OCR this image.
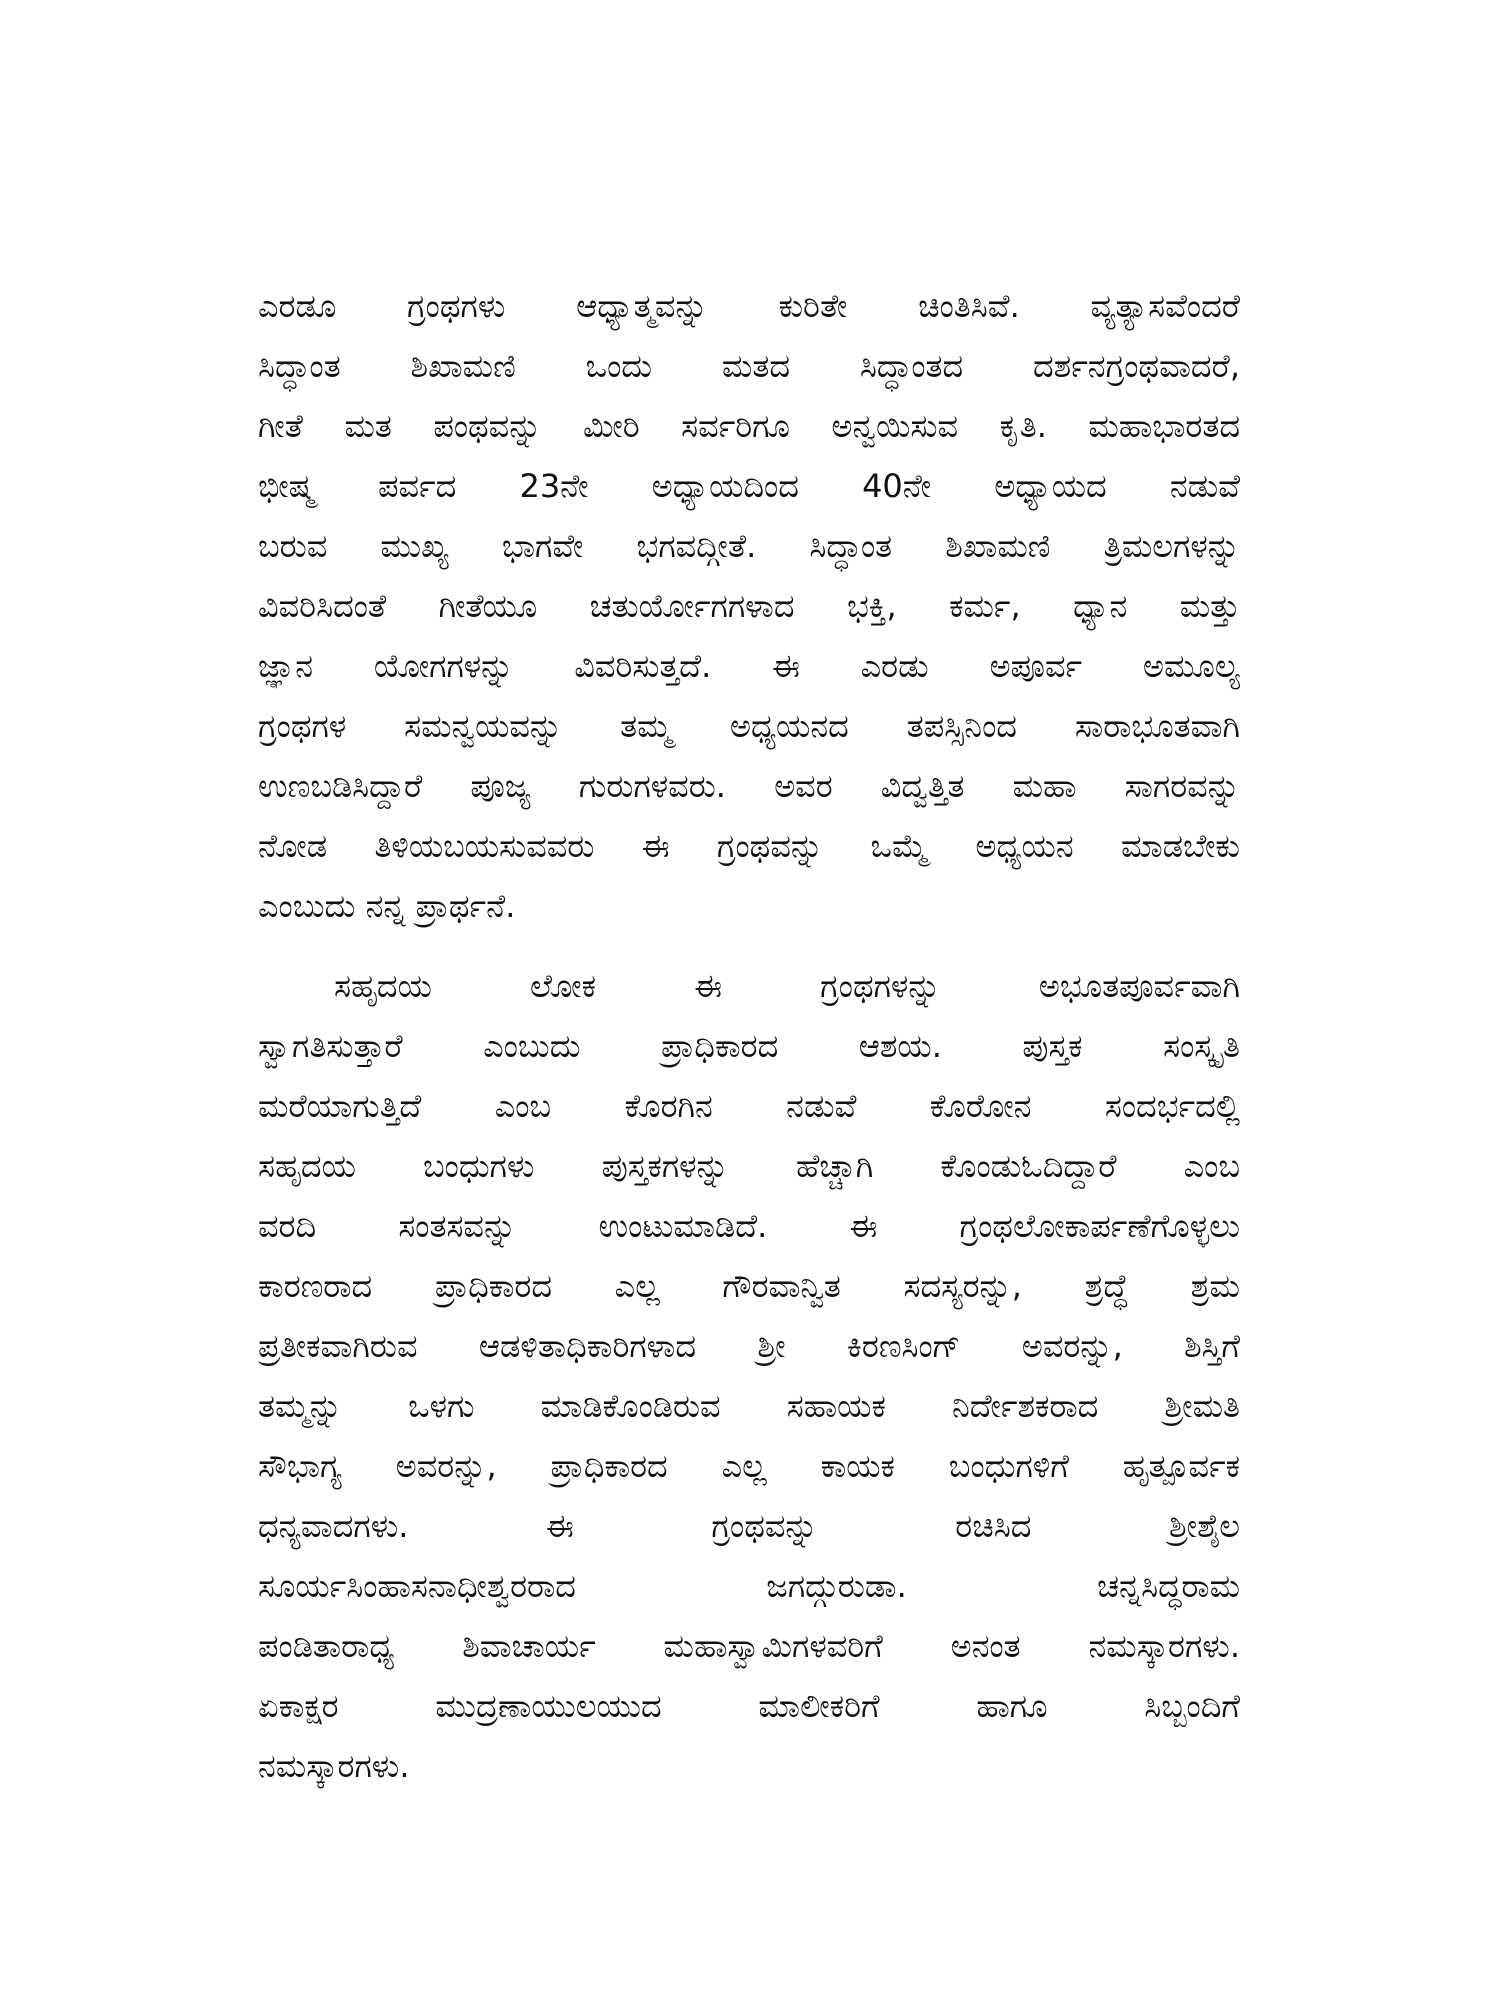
ಎರಡೂ ಗ್ರಂಥಗಳು ಆಧ್ಯಾತ್ಮವನ್ನು ಕುರಿತೇ ಚಿಂತಿಸಿವೆ. ವ್ಯತ್ಯಾಸವೆಂದರೆ
ಸಿದ್ಧಾಂತ ಶಿಖಾಮಣಿ ಒಂದು ಮತದ ಸಿದ್ಧಾಂತದ ದರ್ಶನಗ್ರಂಥವಾದರೆ,
ಗೀತೆ ಮತ ಪಂಥವನ್ನು ಮೀರಿ ಸರ್ವರಿಗೂ ಅನ್ವಯಿಸುವ ಕೃತಿ. ಮಹಾಭಾರತದ
ಭೀಷ್ಮ ಪರ್ವದ 23ನೇ ಅಧ್ಯಾಯದಿಂದ 40ನೇ ಅಧ್ಯಾಯದ ನಡುವೆ
ಬರುವ ಮುಖ್ಯ ಭಾಗವೇ ಭಗವದ್ಗೀತೆ. ಸಿದ್ಧಾಂತ ಶಿಖಾಮಣಿ ತ್ರಿಮಲಗಳನ್ನು
ವಿವರಿಸಿದಂತೆ ಗೀತೆಯೂ ಚತುರ್ಯೋಗಗಳಾದ ಭಕ್ತಿ, ಕರ್ಮ, ಧ್ಯಾನ ಮತ್ತು
ಜ್ಞಾನ ಯೋಗಗಳನ್ನು ವಿವರಿಸುತ್ತದೆ. ಈ ಎರಡು ಅಪೂರ್ವ ಅಮೂಲ್ಯ
ಗ್ರಂಥಗಳ ಸಮನ್ವಯವನ್ನು ತಮ್ಮ ಅಧ್ಯಯನದ ತಪಸ್ಸಿನಿಂದ ಸಾರಾಭೂತವಾಗಿ
ಉಣಬಡಿಸಿದ್ದಾರೆ ಪೂಜ್ಯ ಗುರುಗಳವರು. ಅವರ ವಿದ್ವತ್ತಿತ ಮಹಾ ಸಾಗರವನ್ನು
ನೋಡ ತಿಳಿಯಬಯಸುವವರು ಈ ಗ್ರಂಥವನ್ನು ಒಮ್ಮೆ ಅಧ್ಯಯನ ಮಾಡಬೇಕು
ಎಂಬುದು ನನ್ನ ಪ್ರಾರ್ಥನೆ.
ಸಹೃದಯ ಲೋಕ ಈ ಗ್ರಂಥಗಳನ್ನು ಅಭೂತಪೂರ್ವವಾಗಿ
ಸ್ವಾಗತಿಸುತ್ತಾರೆ ಎಂಬುದು ಪ್ರಾಧಿಕಾರದ ಆಶಯ. ಪುಸ್ತಕ ಸಂಸ್ಕೃತಿ
ಮರೆಯಾಗುತ್ತಿದೆ ಎಂಬ ಕೊರಗಿನ ನಡುವೆ ಕೊರೋನ ಸಂದರ್ಭದಲ್ಲಿ
ಸಹೃದಯ ಬಂಧುಗಳು ಪುಸ್ತಕಗಳನ್ನು ಹೆಚ್ಚಾಗಿ ಕೊಂಡುಓದಿದ್ದಾರೆ ಎಂಬ
ವರದಿ ಸಂತಸವನ್ನು ಉಂಟುಮಾಡಿದೆ. ಈ ಗ್ರಂಥಲೋಕಾರ್ಪಣೆಗೊಳ್ಳಲು
ಕಾರಣರಾದ ಪ್ರಾಧಿಕಾರದ ಎಲ್ಲ ಗೌರವಾನ್ವಿತ ಸದಸ್ಯರನ್ನು, ಶ್ರದ್ಧೆ ಶ್ರಮ
ಪ್ರತೀಕವಾಗಿರುವ ಆಡಳಿತಾಧಿಕಾರಿಗಳಾದ ಶ್ರೀ ಕಿರಣಸಿಂಗ್ ಅವರನ್ನು, ಶಿಸ್ತಿಗೆ
ತಮ್ಮನ್ನು ಒಳಗು ಮಾಡಿಕೊಂಡಿರುವ ಸಹಾಯಕ ನಿರ್ದೇಶಕರಾದ ಶ್ರೀಮತಿ
ಸೌಭಾಗ್ಯ ಅವರನ್ನು, ಪ್ರಾಧಿಕಾರದ ಎಲ್ಲ ಕಾಯಕ ಬಂಧುಗಳಿಗೆ ಹೃತ್ಪೂರ್ವಕ
ಧನ್ಯವಾದಗಳು. ಈ ಗ್ರಂಥವನ್ನು ರಚಿಸಿದ ಶ್ರೀಶೈಲ
ಸೂರ್ಯಸಿಂಹಾಸನಾಧೀಶ್ವರರಾದ ಜಗದ್ಗುರುಡಾ. ಚನ್ನಸಿದ್ಧರಾಮ
ಪಂಡಿತಾರಾಧ್ಯ ಶಿವಾಚಾರ್ಯ ಮಹಾಸ್ವಾಮಿಗಳವರಿಗೆ ಅನಂತ ನಮಸ್ಕಾರಗಳು.
ಏಕಾಕ್ಷರ ಮುದ್ರಣಾಯುಲಯುದ ಮಾಲೀಕರಿಗೆ ಹಾಗೂ ಸಿಬ್ಬಂದಿಗೆ
ನಮಸ್ಕಾರಗಳು.
